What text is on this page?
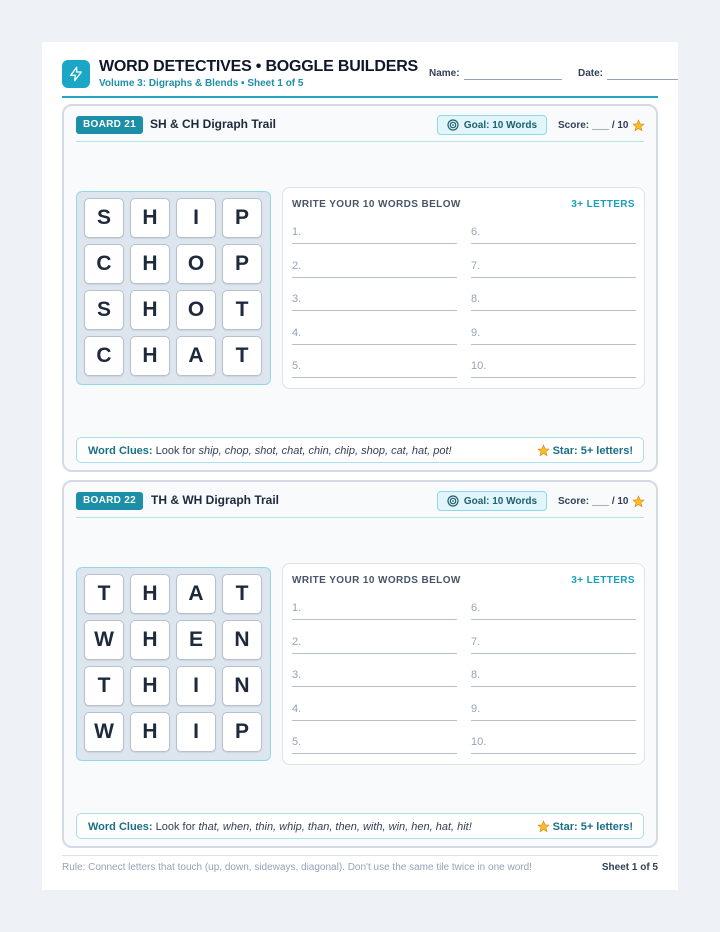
WORD DETECTIVES • BOGGLE BUILDERS
Volume 3: Digraphs & Blends • Sheet 1 of 5
Name:	Date:
BOARD 21	SH & CH Digraph Trail	Goal: 10 Words Score: ___ / 10
S	H	I	P
C	H	O	P
S	H	O	T
C	H	A	T
WRITE YOUR 10 WORDS BELOW	3+ LETTERS
1.
2.
3.
4.
5.
6.
7.
8.
9.
10.
Word Clues: Look for ship, chop, shot, chat, chin, chip, shop, cat, hat, pot!	Star: 5+ letters!
BOARD 22	TH & WH Digraph Trail	Goal: 10 Words Score: ___ / 10
T	H	A	T
W	H	E	N
T	H	I	N
W	H	I	P
WRITE YOUR 10 WORDS BELOW	3+ LETTERS
1.
2.
3.
4.
5.
6.
7.
8.
9.
10.
Word Clues: Look for that, when, thin, whip, than, then, with, win, hen, hat, hit!	Star: 5+ letters!
Rule: Connect letters that touch (up, down, sideways, diagonal). Don't use the same tile twice in one word!	Sheet 1 of 5
